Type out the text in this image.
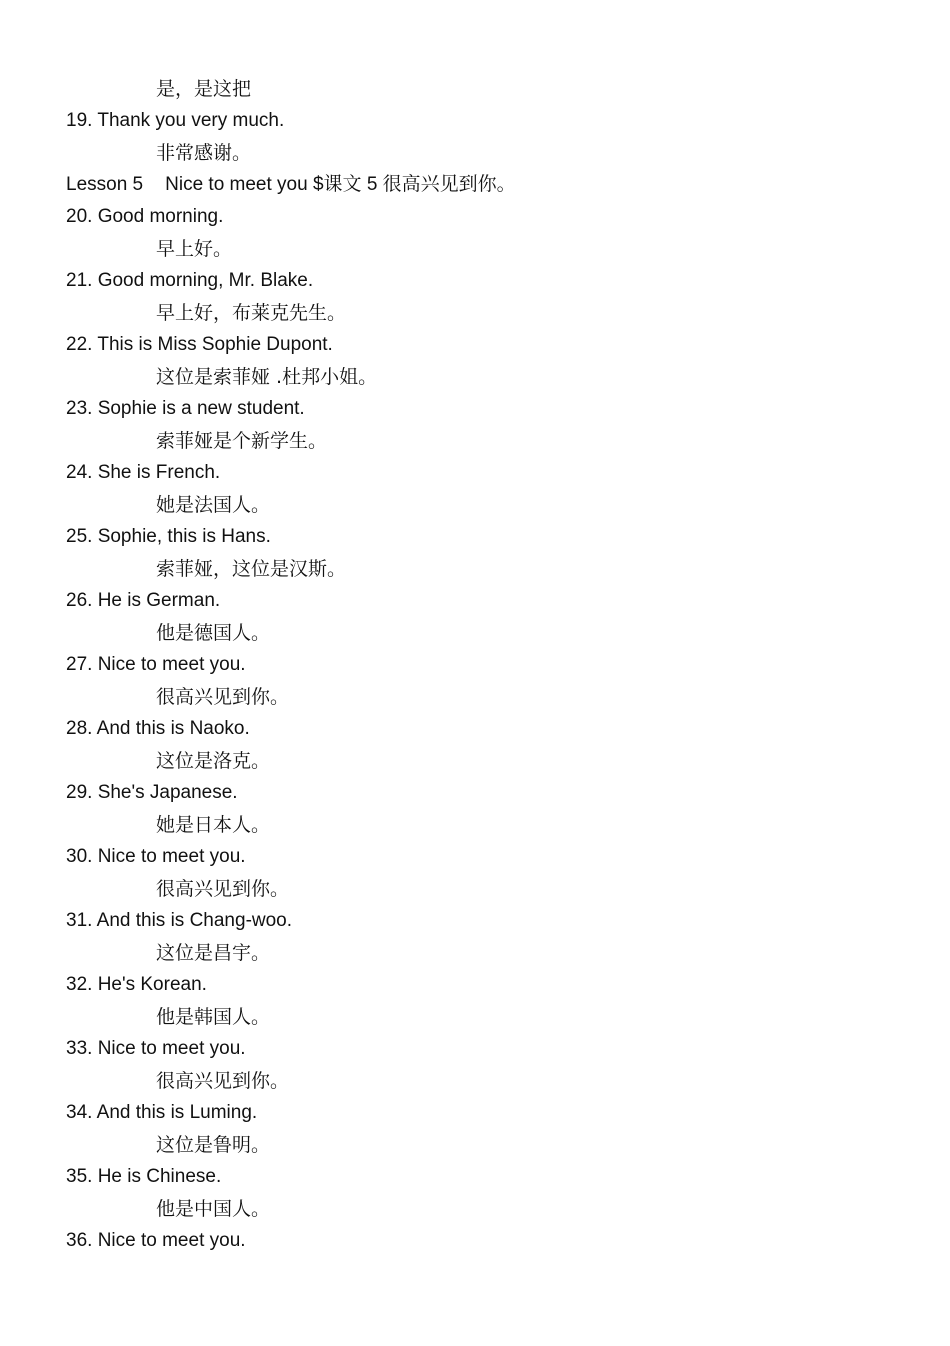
是，是这把
19. Thank you very much.
非常感谢。
Lesson 5 Nice to meet you $课文 5 很高兴见到你。
20. Good morning.
早上好。
21. Good morning, Mr. Blake.
早上好，布莱克先生。
22. This is Miss Sophie Dupont.
这位是索菲娅 .杜邦小姐。
23. Sophie is a new student.
索菲娅是个新学生。
24. She is French.
她是法国人。
25. Sophie, this is Hans.
索菲娅，这位是汉斯。
26. He is German.
他是德国人。
27. Nice to meet you.
很高兴见到你。
28. And this is Naoko.
这位是洛克。
29. She's Japanese.
她是日本人。
30. Nice to meet you.
很高兴见到你。
31. And this is Chang-woo.
这位是昌宇。
32. He's Korean.
他是韩国人。
33. Nice to meet you.
很高兴见到你。
34. And this is Luming.
这位是鲁明。
35. He is Chinese.
他是中国人。
36. Nice to meet you.
